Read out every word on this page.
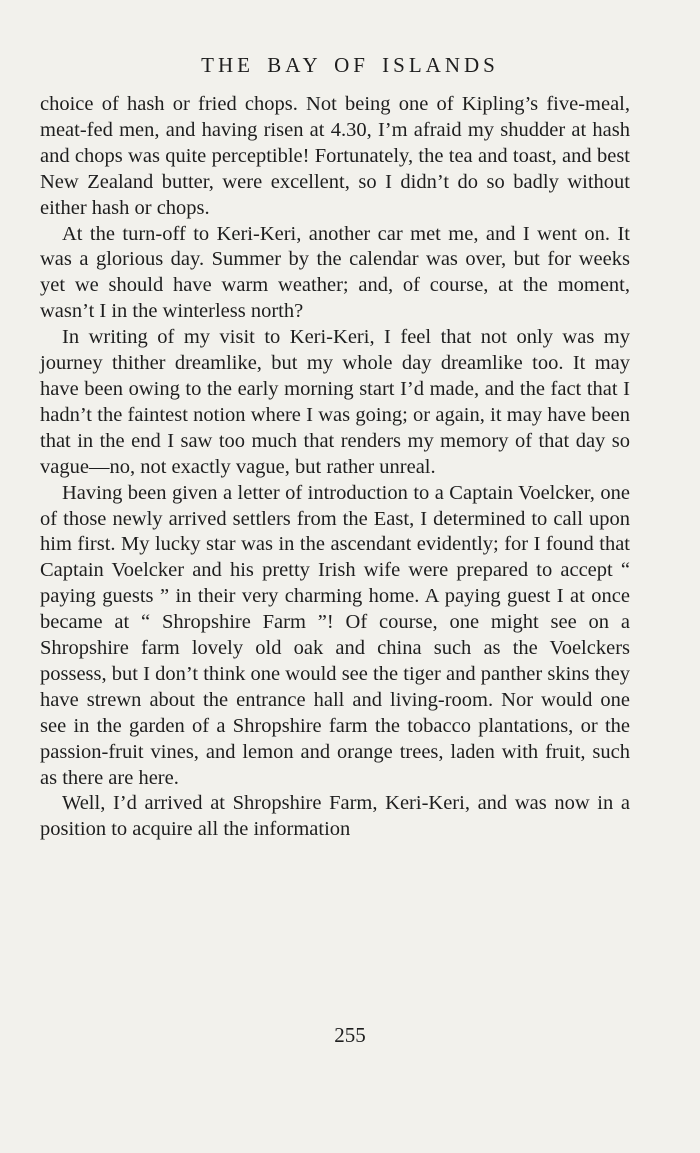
THE BAY OF ISLANDS

choice of hash or fried chops. Not being one of Kipling’s five-meal, meat-fed men, and having risen at 4.30, I’m afraid my shudder at hash and chops was quite perceptible! Fortunately, the tea and toast, and best New Zealand butter, were excellent, so I didn’t do so badly without either hash or chops.

At the turn-off to Keri-Keri, another car met me, and I went on. It was a glorious day. Summer by the calendar was over, but for weeks yet we should have warm weather; and, of course, at the moment, wasn’t I in the winterless north?

In writing of my visit to Keri-Keri, I feel that not only was my journey thither dreamlike, but my whole day dreamlike too. It may have been owing to the early morning start I’d made, and the fact that I hadn’t the faintest notion where I was going; or again, it may have been that in the end I saw too much that renders my memory of that day so vague—no, not exactly vague, but rather unreal.

Having been given a letter of introduction to a Captain Voelcker, one of those newly arrived settlers from the East, I determined to call upon him first. My lucky star was in the ascendant evidently; for I found that Captain Voelcker and his pretty Irish wife were prepared to accept “ paying guests ” in their very charming home. A paying guest I at once became at “ Shropshire Farm ”! Of course, one might see on a Shropshire farm lovely old oak and china such as the Voelckers possess, but I don’t think one would see the tiger and panther skins they have strewn about the entrance hall and living-room. Nor would one see in the garden of a Shropshire farm the tobacco plantations, or the passion-fruit vines, and lemon and orange trees, laden with fruit, such as there are here.

Well, I’d arrived at Shropshire Farm, Keri-Keri, and was now in a position to acquire all the information

255
